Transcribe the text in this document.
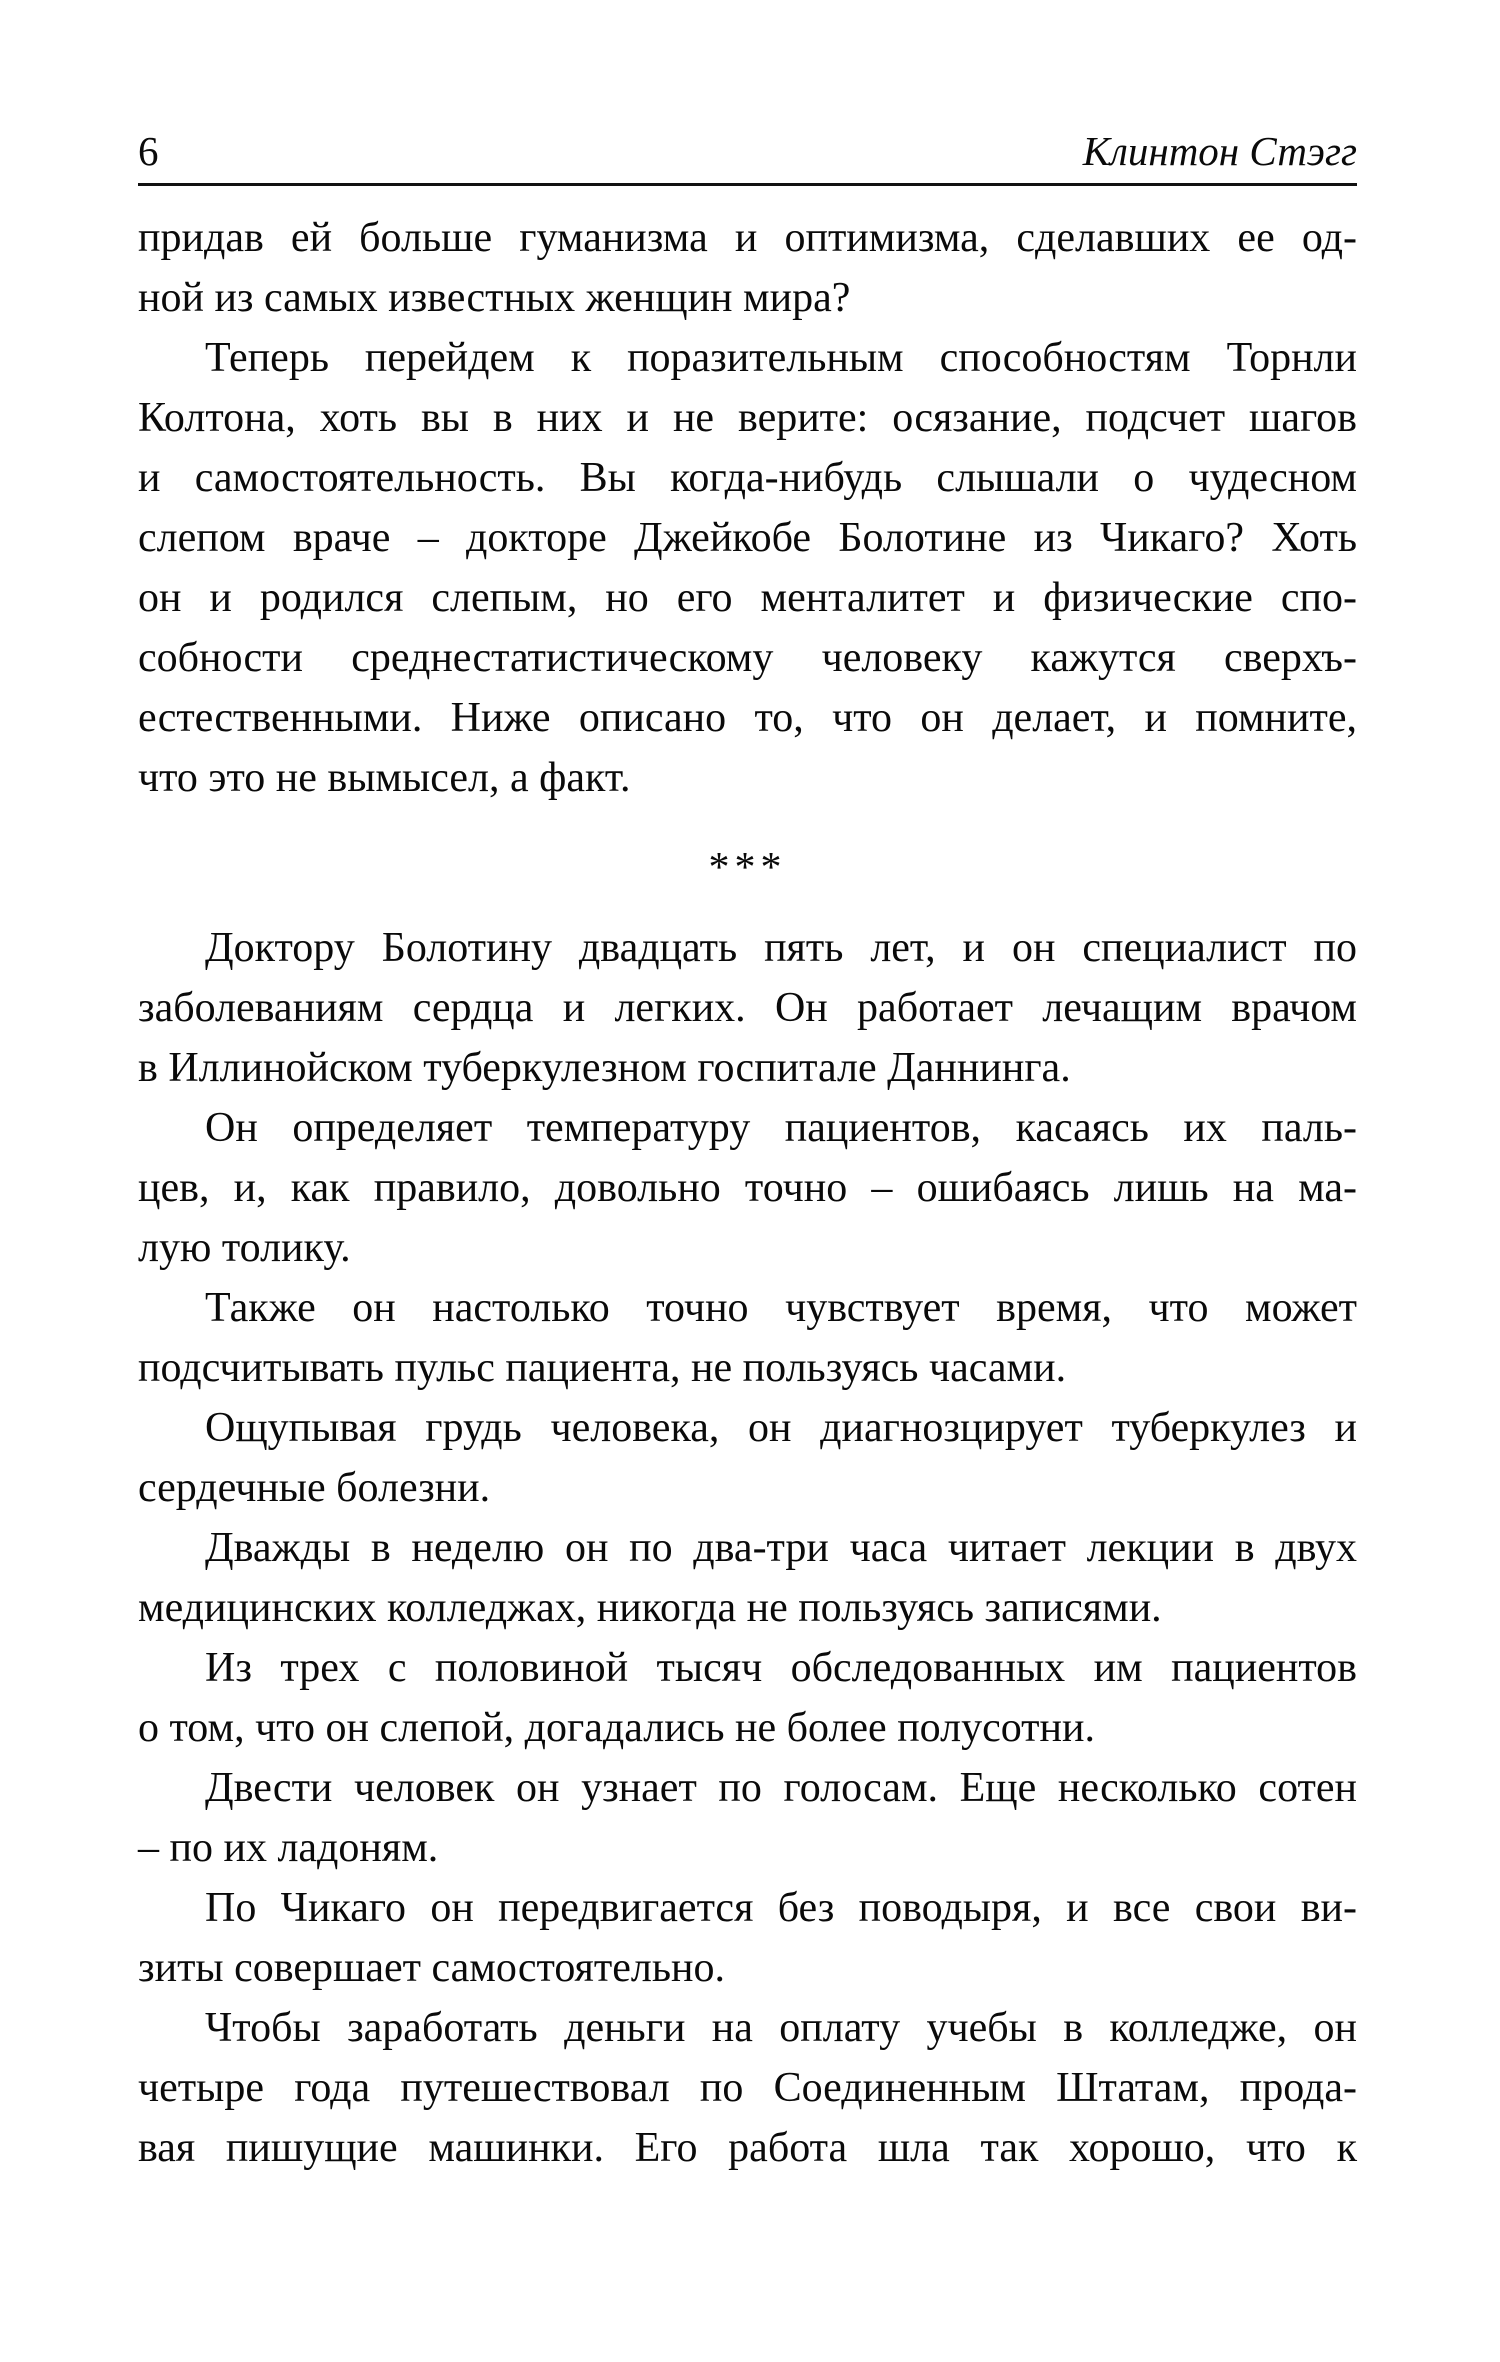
6	Клинтон Стэгг
придав ей больше гуманизма и оптимизма, сделавших ее од-
ной из самых известных женщин мира?
Теперь перейдем к поразительным способностям Торнли
Колтона, хоть вы в них и не верите: осязание, подсчет шагов
и самостоятельность. Вы когда-нибудь слышали о чудесном
слепом враче – докторе Джейкобе Болотине из Чикаго? Хоть
он и родился слепым, но его менталитет и физические спо-
собности среднестатистическому человеку кажутся сверхъ-
естественными. Ниже описано то, что он делает, и помните,
что это не вымысел, а факт.
***
Доктору Болотину двадцать пять лет, и он специалист по
заболеваниям сердца и легких. Он работает лечащим врачом
в Иллинойском туберкулезном госпитале Даннинга.
Он определяет температуру пациентов, касаясь их паль-
цев, и, как правило, довольно точно – ошибаясь лишь на ма-
лую толику.
Также он настолько точно чувствует время, что может
подсчитывать пульс пациента, не пользуясь часами.
Ощупывая грудь человека, он диагнозцирует туберкулез и
сердечные болезни.
Дважды в неделю он по два-три часа читает лекции в двух
медицинских колледжах, никогда не пользуясь записями.
Из трех с половиной тысяч обследованных им пациентов
о том, что он слепой, догадались не более полусотни.
Двести человек он узнает по голосам. Еще несколько сотен
– по их ладоням.
По Чикаго он передвигается без поводыря, и все свои ви-
зиты совершает самостоятельно.
Чтобы заработать деньги на оплату учебы в колледже, он
четыре года путешествовал по Соединенным Штатам, прода-
вая пишущие машинки. Его работа шла так хорошо, что к
